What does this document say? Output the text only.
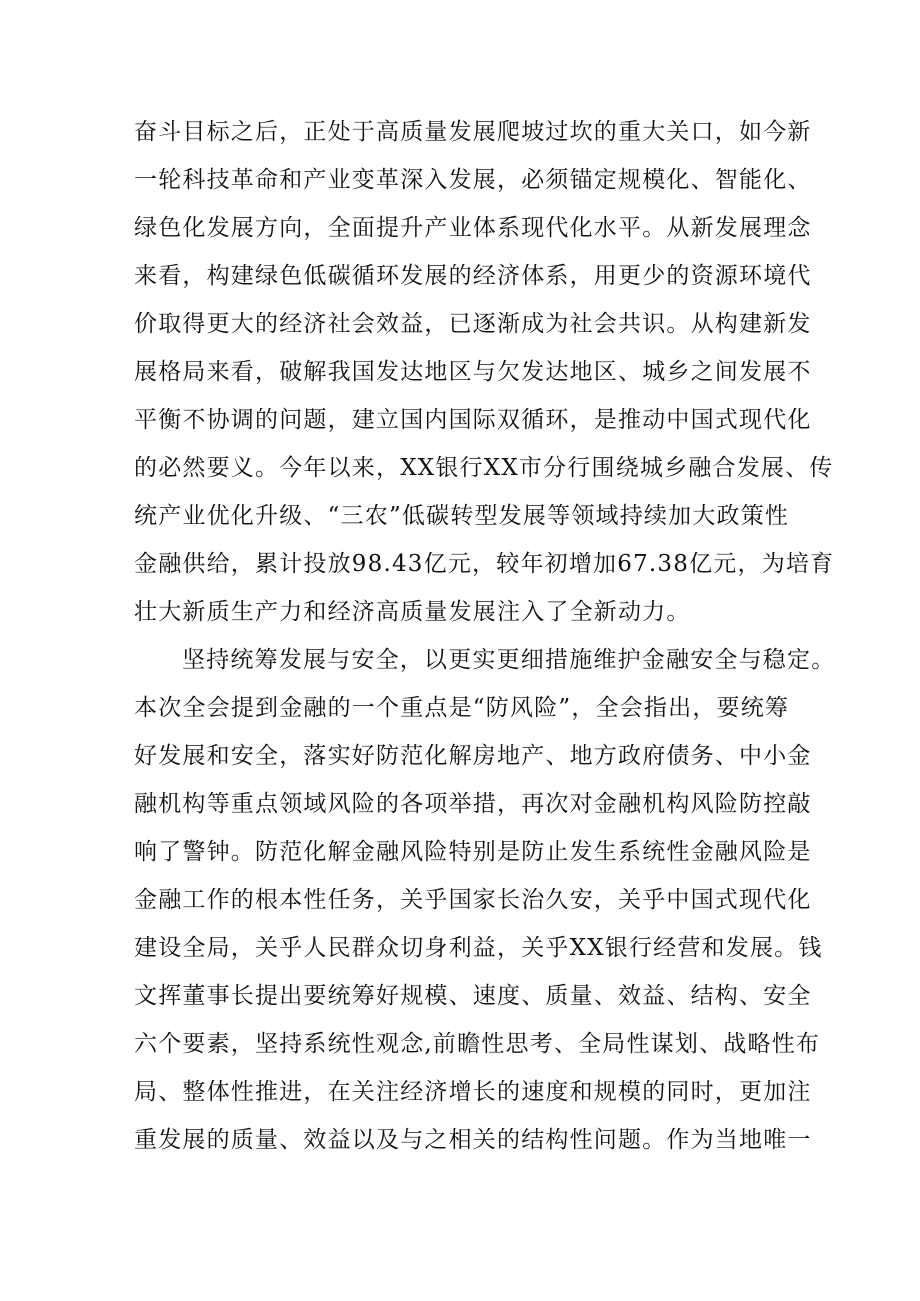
奋斗目标之后，正处于高质量发展爬坡过坎的重大关口，如今新
一轮科技革命和产业变革深入发展，必须锚定规模化、智能化、
绿色化发展方向，全面提升产业体系现代化水平。从新发展理念
来看，构建绿色低碳循环发展的经济体系，用更少的资源环境代
价取得更大的经济社会效益，已逐渐成为社会共识。从构建新发
展格局来看，破解我国发达地区与欠发达地区、城乡之间发展不
平衡不协调的问题，建立国内国际双循环，是推动中国式现代化
的必然要义。今年以来，XX银行XX市分行围绕城乡融合发展、传
统产业优化升级、“三农”低碳转型发展等领域持续加大政策性
金融供给，累计投放98.43亿元，较年初增加67.38亿元，为培育
壮大新质生产力和经济高质量发展注入了全新动力。
坚持统筹发展与安全，以更实更细措施维护金融安全与稳定。
本次全会提到金融的一个重点是“防风险”，全会指出，要统筹
好发展和安全，落实好防范化解房地产、地方政府债务、中小金
融机构等重点领域风险的各项举措，再次对金融机构风险防控敲
响了警钟。防范化解金融风险特别是防止发生系统性金融风险是
金融工作的根本性任务，关乎国家长治久安，关乎中国式现代化
建设全局，关乎人民群众切身利益，关乎XX银行经营和发展。钱
文挥董事长提出要统筹好规模、速度、质量、效益、结构、安全
六个要素，坚持系统性观念,前瞻性思考、全局性谋划、战略性布
局、整体性推进，在关注经济增长的速度和规模的同时，更加注
重发展的质量、效益以及与之相关的结构性问题。作为当地唯一
